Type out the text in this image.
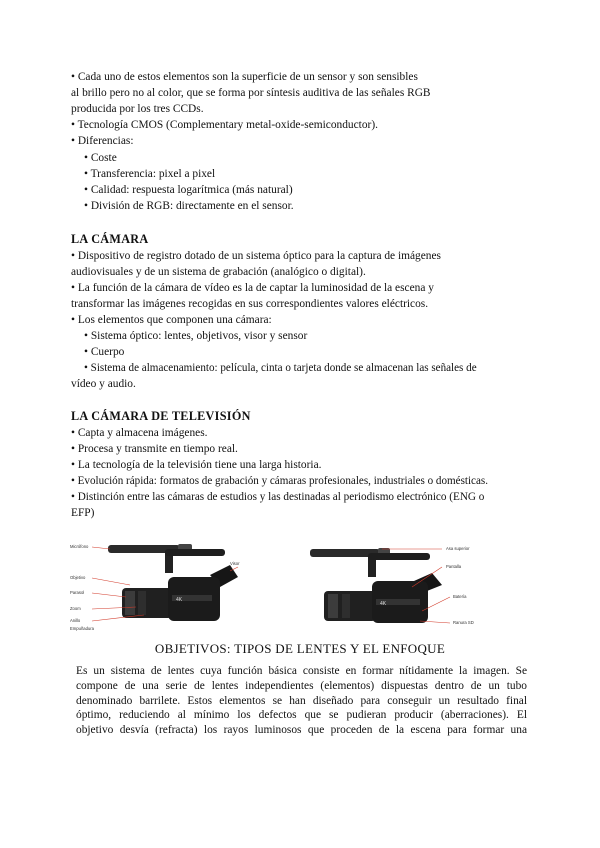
• Cada uno de estos elementos son la superficie de un sensor y son sensibles
al brillo pero no al color, que se forma por síntesis auditiva de las señales RGB
producida por los tres CCDs.
• Tecnología CMOS (Complementary metal-oxide-semiconductor).
• Diferencias:
• Coste
• Transferencia: pixel a pixel
• Calidad: respuesta logarítmica (más natural)
• División de RGB: directamente en el sensor.
LA CÁMARA
• Dispositivo de registro dotado de un sistema óptico para la captura de imágenes
audiovisuales y de un sistema de grabación (analógico o digital).
• La función de la cámara de vídeo es la de captar la luminosidad de la escena y
transformar las imágenes recogidas en sus correspondientes valores eléctricos.
• Los elementos que componen una cámara:
• Sistema óptico: lentes, objetivos, visor y sensor
• Cuerpo
• Sistema de almacenamiento: película, cinta o tarjeta donde se almacenan las señales de
vídeo y audio.
LA CÁMARA DE TELEVISIÓN
• Capta y almacena imágenes.
• Procesa y transmite en tiempo real.
• La tecnología de la televisión tiene una larga historia.
• Evolución rápida: formatos de grabación y cámaras profesionales, industriales o domésticas.
• Distinción entre las cámaras de estudios y las destinadas al periodismo electrónico (ENG o
EFP)
4K
Micrófono
Objetivo
Parasol
Zoom
Anillo
Empuñadura
Visor
4K
Asa superior
Pantalla
Batería
Ranura SD
OBJETIVOS: TIPOS DE LENTES Y EL ENFOQUE
Es un sistema de lentes cuya función básica consiste en formar nítidamente la imagen. Se
compone de una serie de lentes independientes (elementos) dispuestas dentro de un tubo
denominado barrilete. Estos elementos se han diseñado para conseguir un resultado final
óptimo, reduciendo al mínimo los defectos que se pudieran producir (aberraciones). El
objetivo desvía (refracta) los rayos luminosos que proceden de la escena para formar una
